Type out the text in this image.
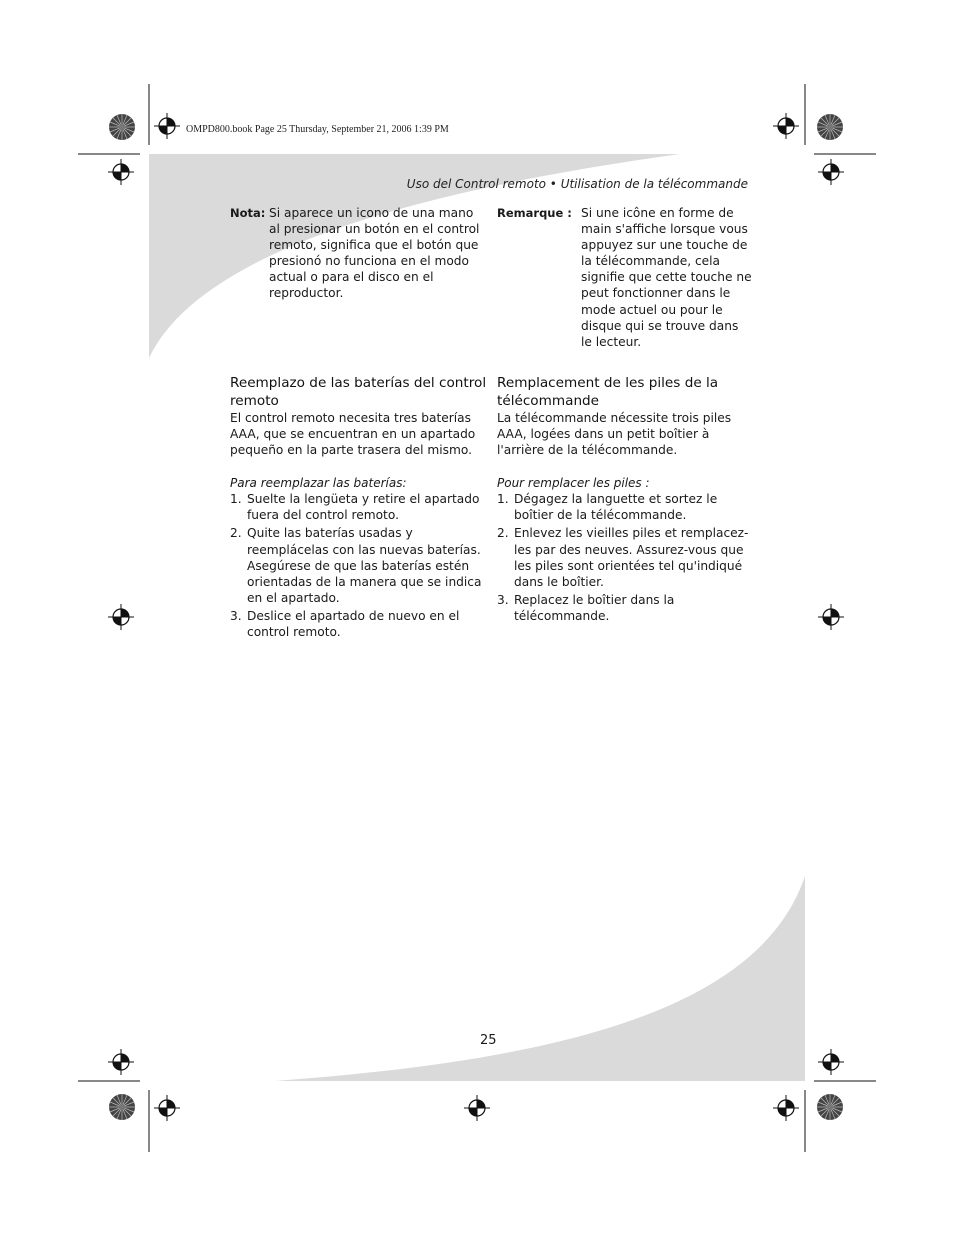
OMPD800.book Page 25 Thursday, September 21, 2006 1:39 PM
Uso del Control remoto • Utilisation de la télécommande
Nota: Si aparece un icono de una mano al presionar un botón en el control remoto, significa que el botón que presionó no funciona en el modo actual o para el disco en el reproductor.
Remarque : Si une icône en forme de main s'affiche lorsque vous appuyez sur une touche de la télécommande, cela signifie que cette touche ne peut fonctionner dans le mode actuel ou pour le disque qui se trouve dans le lecteur.
Reemplazo de las baterías del control remoto

El control remoto necesita tres baterías AAA, que se encuentran en un apartado pequeño en la parte trasera del mismo.

Para reemplazar las baterías:

1. Suelte la lengüeta y retire el apartado fuera del control remoto.
2. Quite las baterías usadas y reemplácelas con las nuevas baterías. Asegúrese de que las baterías estén orientadas de la manera que se indica en el apartado.
3. Deslice el apartado de nuevo en el control remoto.
Remplacement de les piles de la télécommande

La télécommande nécessite trois piles AAA, logées dans un petit boîtier à l'arrière de la télécommande.

Pour remplacer les piles :

1. Dégagez la languette et sortez le boîtier de la télécommande.
2. Enlevez les vieilles piles et remplacez-les par des neuves. Assurez-vous que les piles sont orientées tel qu'indiqué dans le boîtier.
3. Replacez le boîtier dans la télécommande.
25
